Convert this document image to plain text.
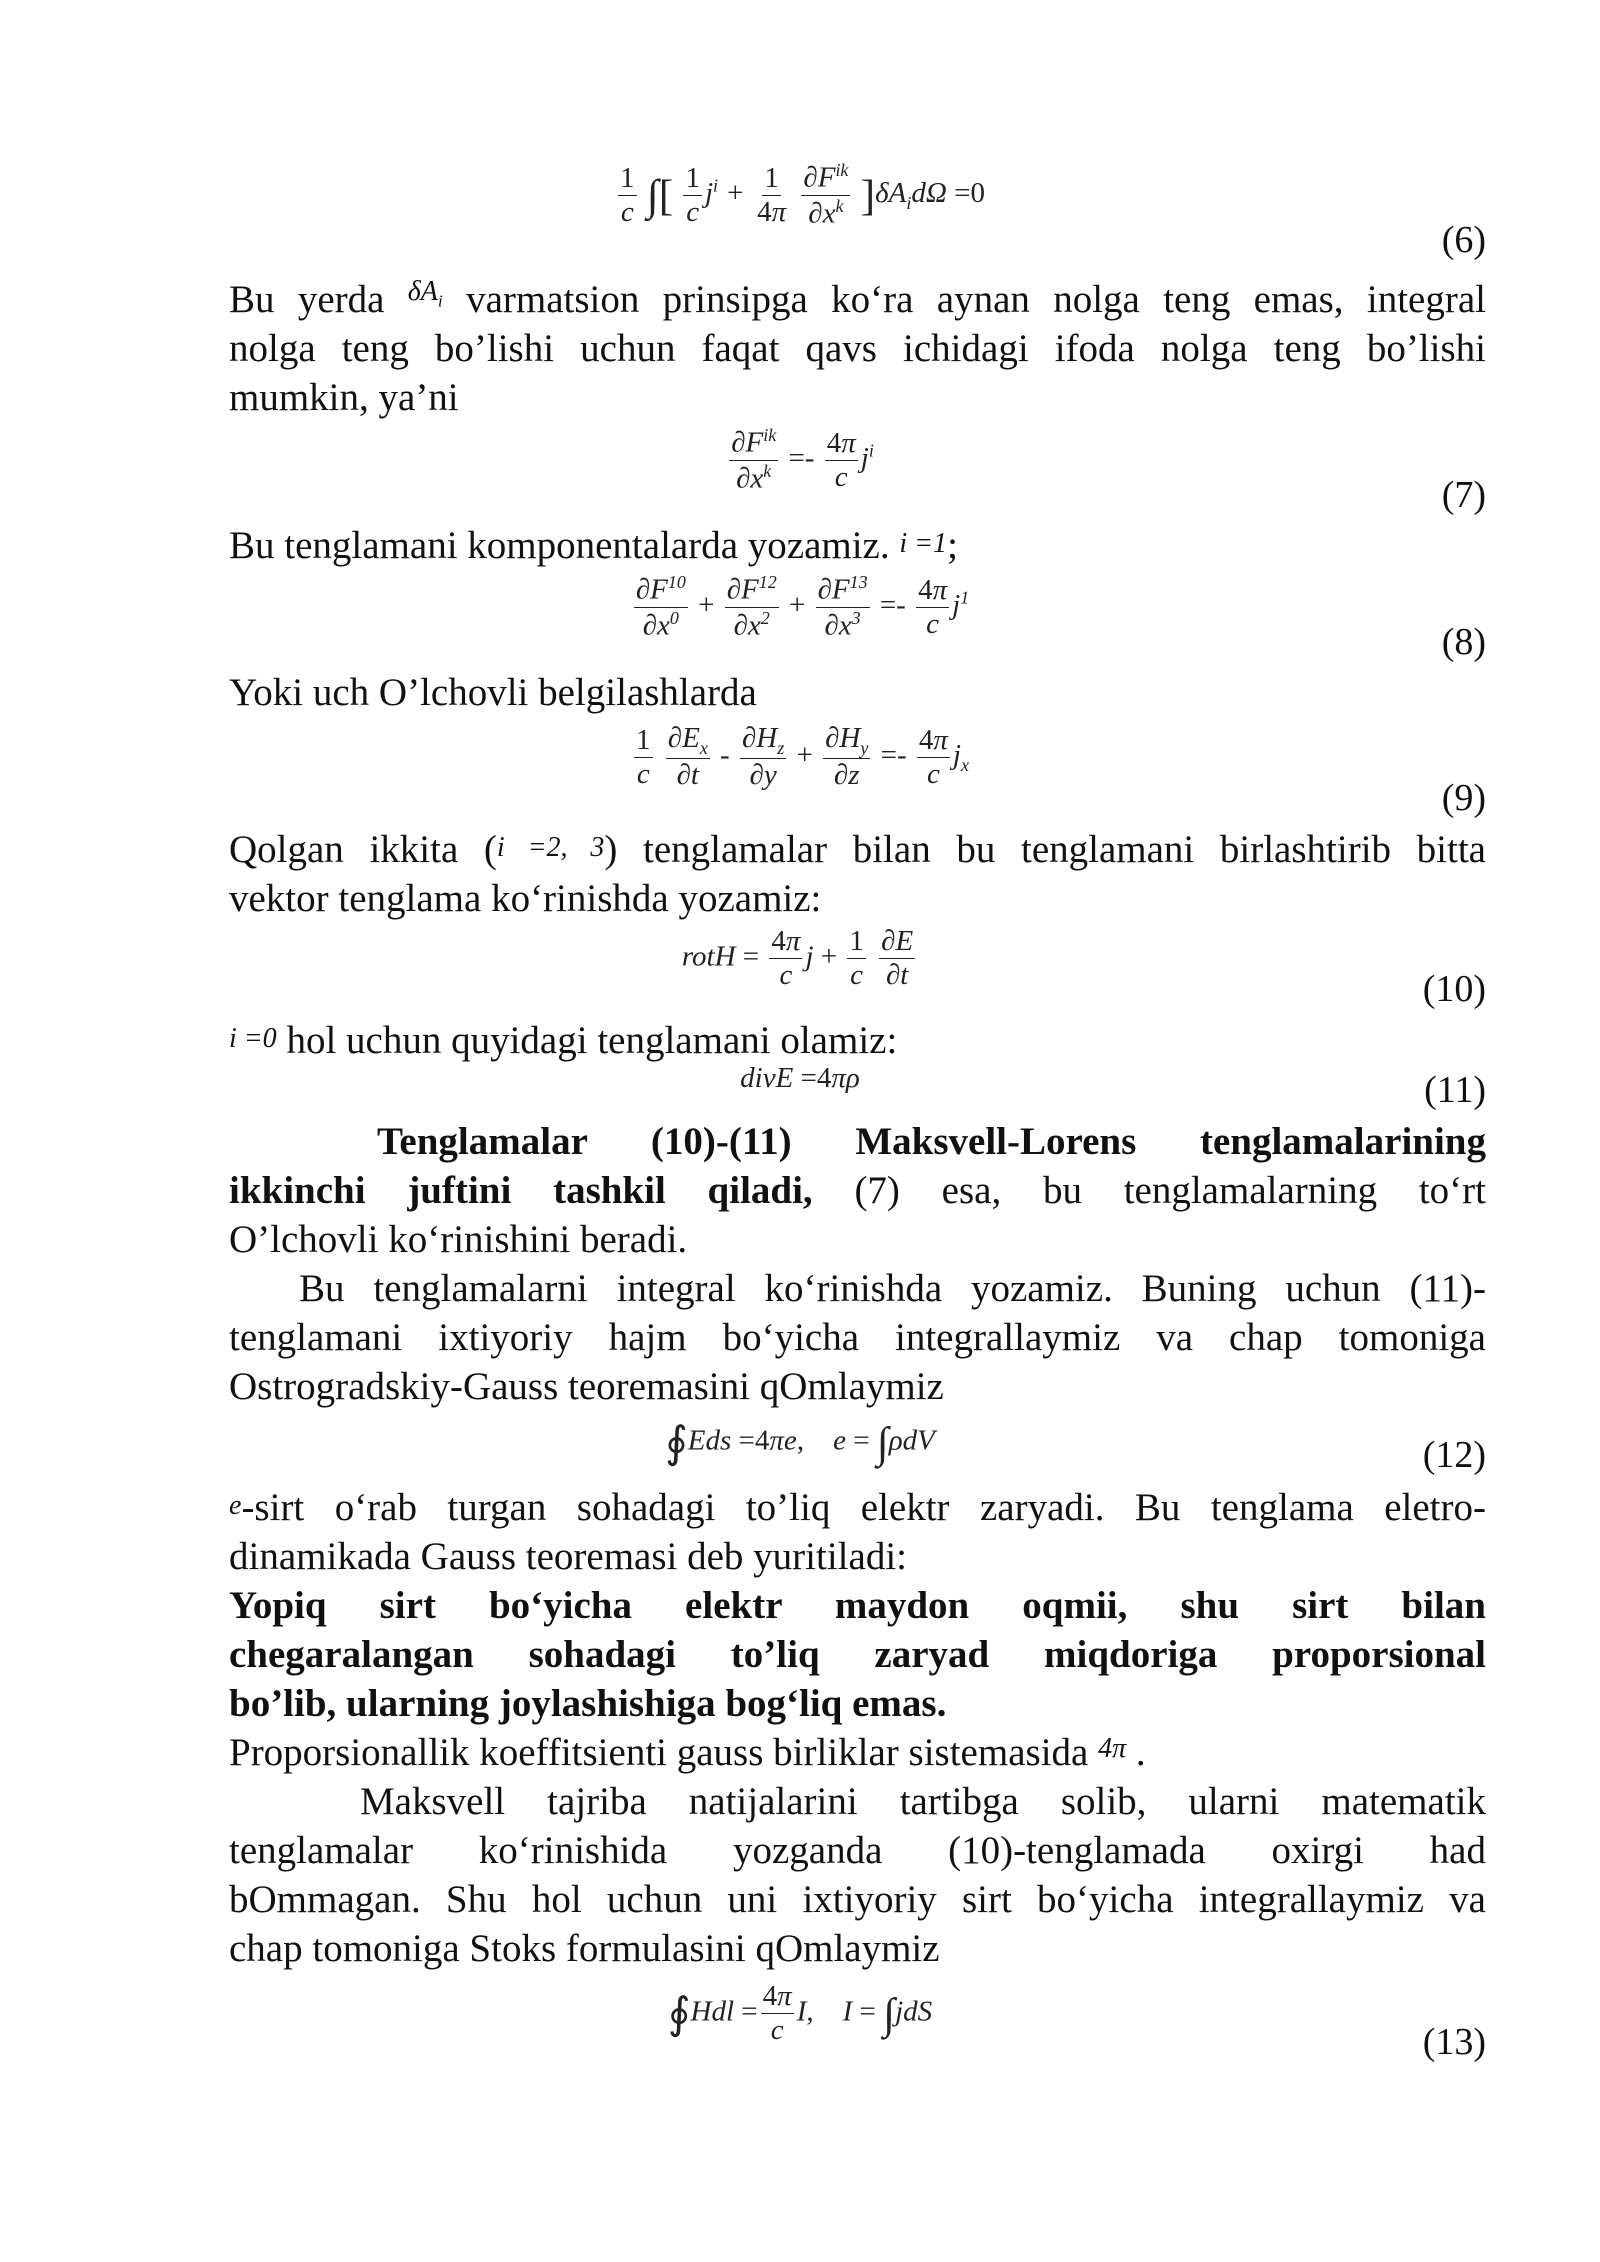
$\frac{1}{c}$ ∫[ $\frac{1}{c} j^i + \frac{1}{4\pi}$
$\frac{\partial F^{ik}}{\partial x^k} ]\delta A_id\Omega =0$
(6)
Bu yerda $^{\delta A_i}$ varmatsion prinsipga ko‘ra aynan nolga teng emas, integral
nolga teng bo’lishi uchun faqat qavs ichidagi ifoda nolga teng bo’lishi
mumkin, ya’ni
$\frac{\partial F^{ik}}{\partial x^k} =- \frac{4\pi}{c} j^i$
(7)
Bu tenglamani komponentalarda yozamiz. i =1;
$\frac{\partial F^{10}}{\partial x^0} + \frac{\partial F^{12}}{\partial x^2} + \frac{\partial F^{13}}{\partial x^3} =- \frac{4\pi}{c} j^1$
(8)
Yoki uch O’lchovli belgilashlarda
$\frac{1}{c}$
$\frac{\partial E_x}{\partial t} - \frac{\partial H_z}{\partial y} + \frac{\partial H_y}{\partial z} =- \frac{4\pi}{c} j_x$
(9)
Qolgan ikkita (i =2, 3) tenglamalar bilan bu tenglamani birlashtirib bitta
vektor tenglama ko‘rinishda yozamiz:
rotH = $\frac{4\pi}{c}$ $j + \frac{1}{c}$
$\frac{\partial E}{\partial t}$	(10)
i =0 hol uchun quyidagi tenglamani olamiz:
divE =4πρ	(11)
Tenglamalar (10)-(11) Maksvell-Lorens tenglamalarining
ikkinchi juftini tashkil qiladi, (7) esa, bu tenglamalarning to‘rt
O’lchovli ko‘rinishini beradi.
Bu tenglamalarni integral ko‘rinishda yozamiz. Buning uchun (11)-
tenglamani ixtiyoriy hajm bo‘yicha integrallaymiz va chap tomoniga
Ostrogradskiy-Gauss teoremasini qOmlaymiz
∮Eds =4πe,    e = ∫ρdV	(12)
e-sirt o‘rab turgan sohadagi to’liq elektr zaryadi. Bu tenglama eletro-
dinamikada Gauss teoremasi deb yuritiladi:
Yopiq sirt bo‘yicha elektr maydon oqmii, shu sirt bilan
chegaralangan sohadagi to’liq zaryad miqdoriga proporsional
bo’lib, ularning joylashishiga bog‘liq emas.
Proporsionallik koeffitsienti gauss birliklar sistemasida $^{4\pi}$ .
Maksvell tajriba natijalarini tartibga solib, ularni matematik
tenglamalar ko‘rinishida yozganda (10)-tenglamada oxirgi had
bOmmagan. Shu hol uchun uni ixtiyoriy sirt bo‘yicha integrallaymiz va
chap tomoniga Stoks formulasini qOmlaymiz
∮Hdl = $\frac{4\pi}{c} I$,    I = ∫jdS
(13)
